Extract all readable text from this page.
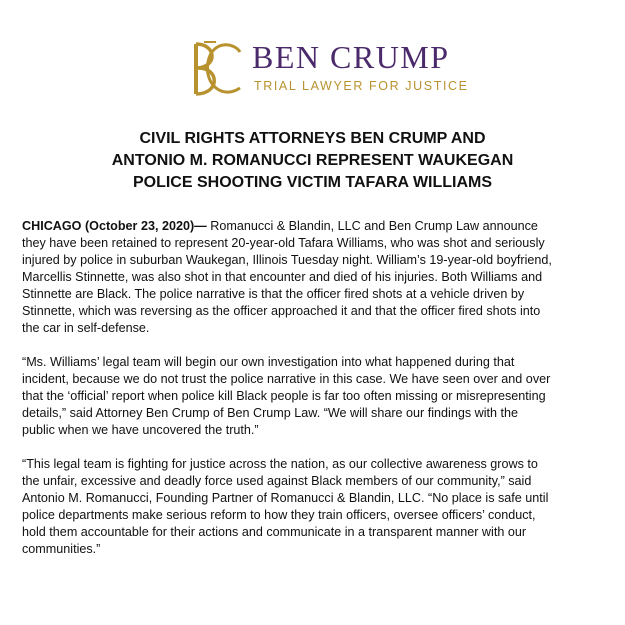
BEN CRUMP
TRIAL LAWYER FOR JUSTICE
CIVIL RIGHTS ATTORNEYS BEN CRUMP AND
ANTONIO M. ROMANUCCI REPRESENT WAUKEGAN
POLICE SHOOTING VICTIM TAFARA WILLIAMS

CHICAGO (October 23, 2020)— Romanucci & Blandin, LLC and Ben Crump Law announce
they have been retained to represent 20-year-old Tafara Williams, who was shot and seriously
injured by police in suburban Waukegan, Illinois Tuesday night. William’s 19-year-old boyfriend,
Marcellis Stinnette, was also shot in that encounter and died of his injuries. Both Williams and
Stinnette are Black. The police narrative is that the officer fired shots at a vehicle driven by
Stinnette, which was reversing as the officer approached it and that the officer fired shots into
the car in self-defense.

“Ms. Williams’ legal team will begin our own investigation into what happened during that
incident, because we do not trust the police narrative in this case. We have seen over and over
that the ‘official’ report when police kill Black people is far too often missing or misrepresenting
details,” said Attorney Ben Crump of Ben Crump Law. “We will share our findings with the
public when we have uncovered the truth.”

“This legal team is fighting for justice across the nation, as our collective awareness grows to
the unfair, excessive and deadly force used against Black members of our community,” said
Antonio M. Romanucci, Founding Partner of Romanucci & Blandin, LLC. “No place is safe until
police departments make serious reform to how they train officers, oversee officers’ conduct,
hold them accountable for their actions and communicate in a transparent manner with our
communities.”
